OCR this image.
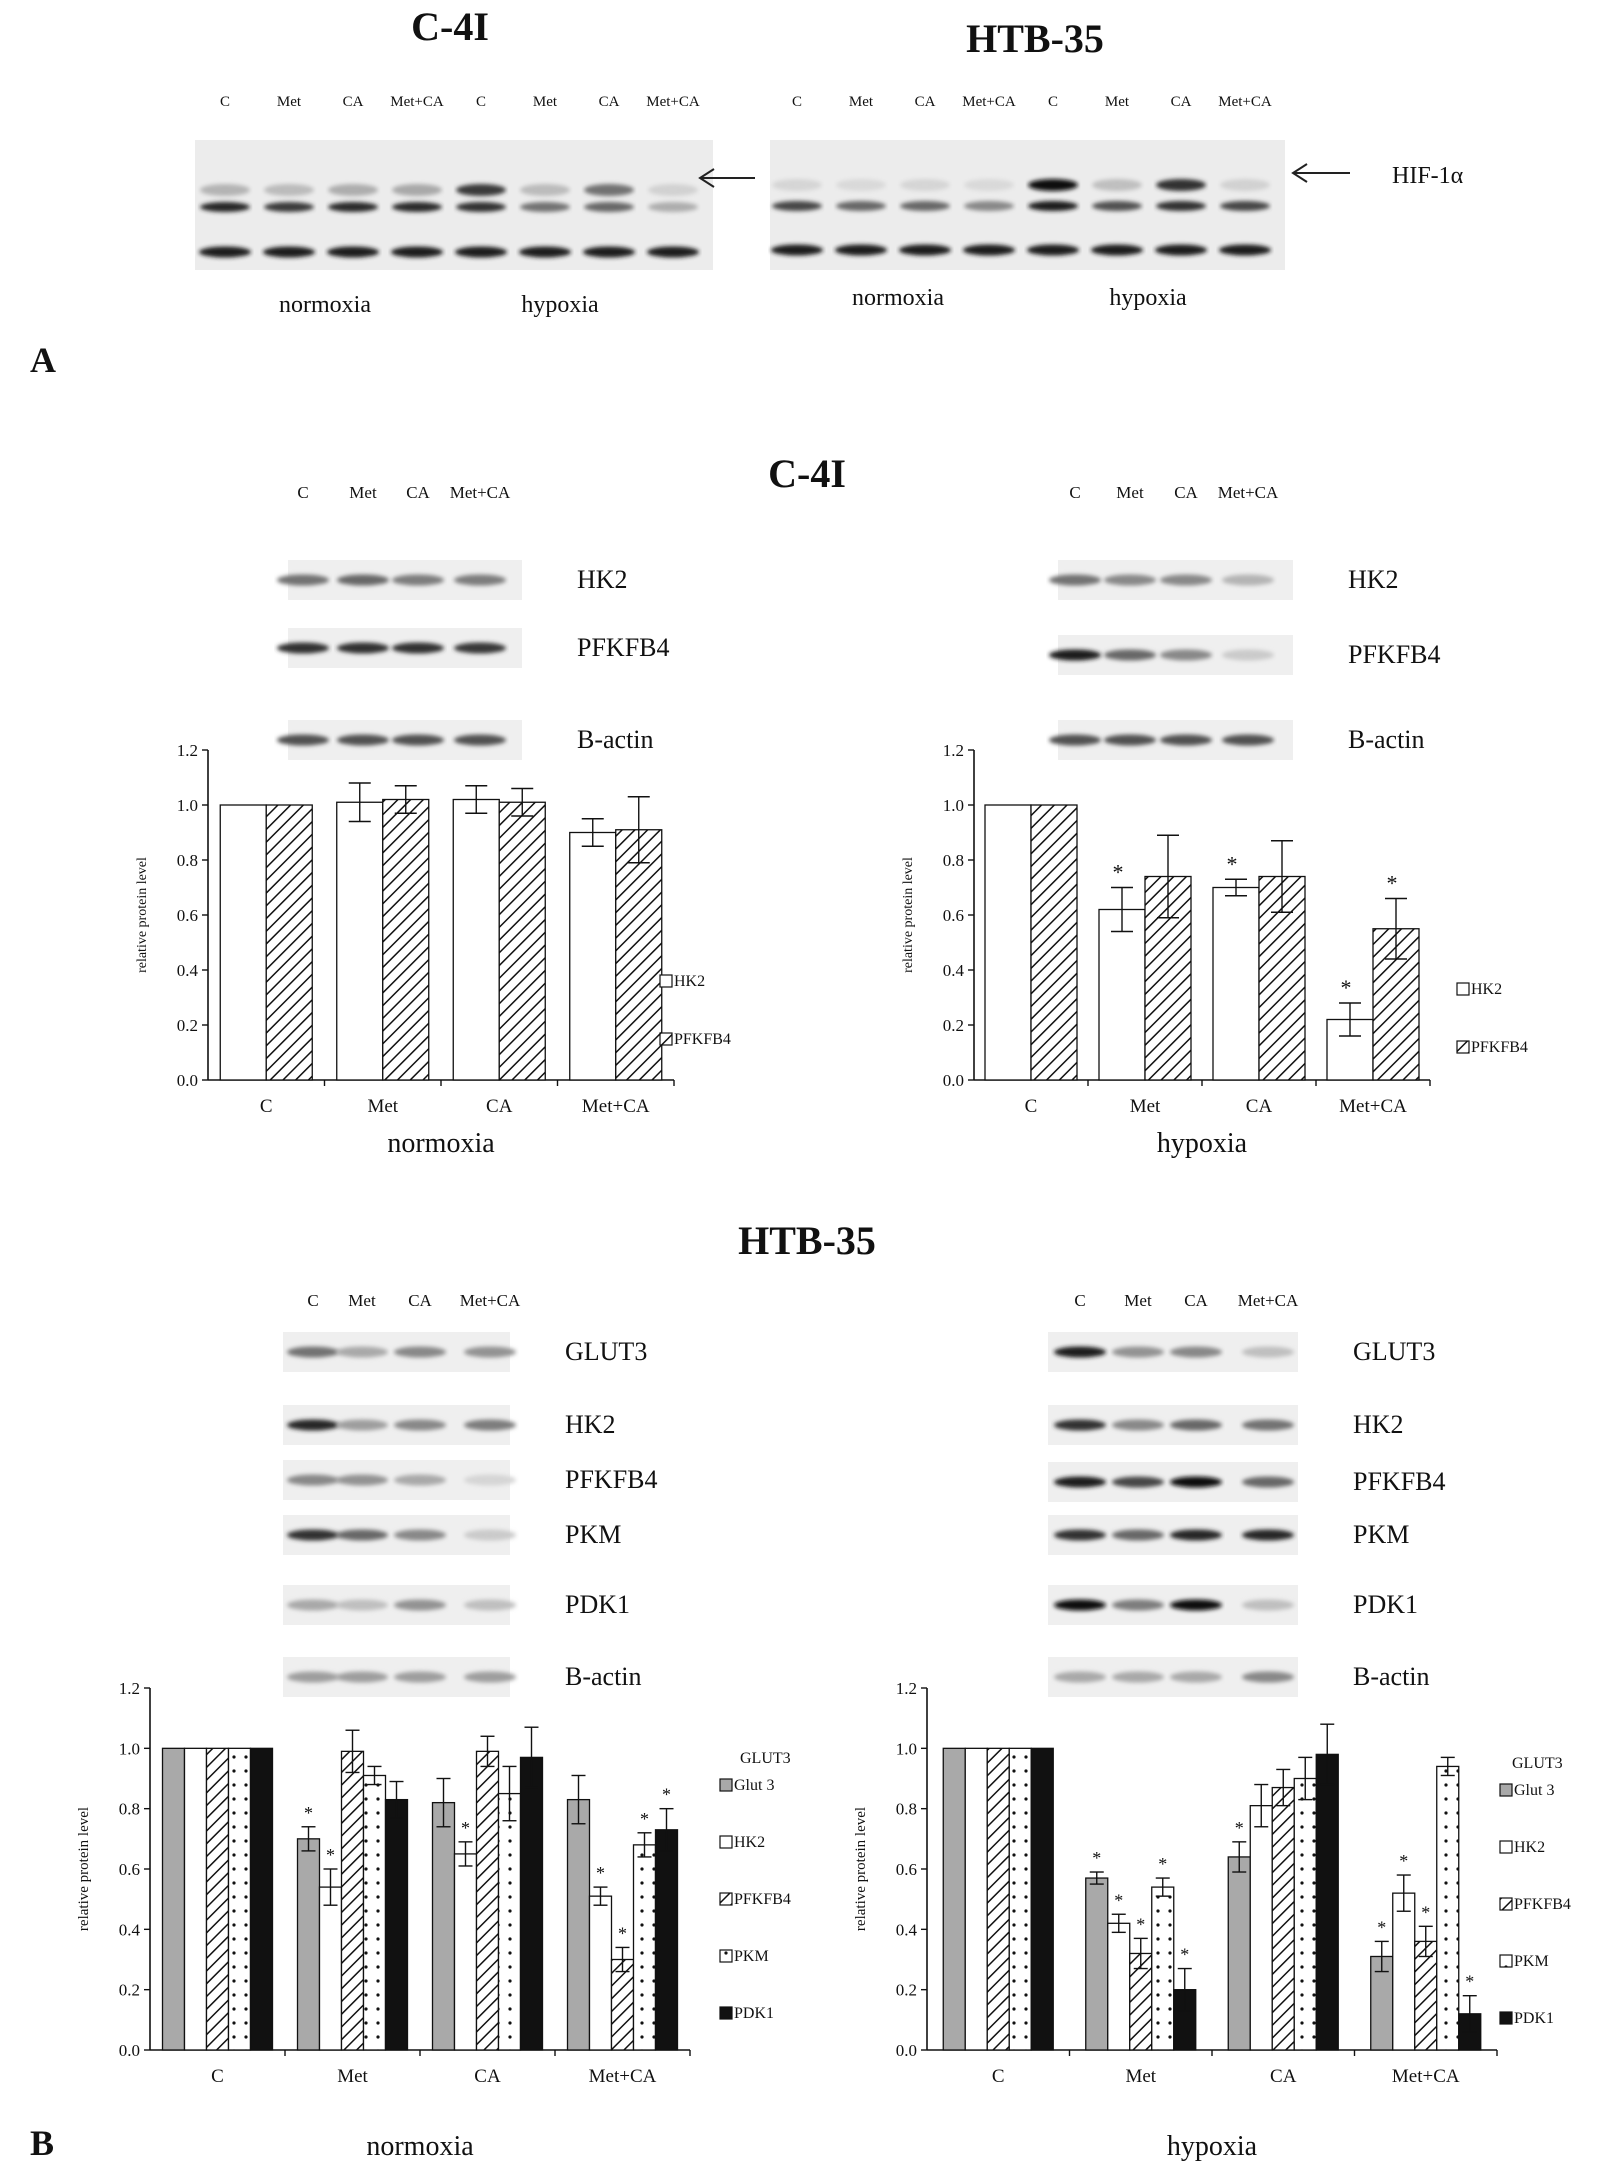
A
C-4I
C	Met	CA Met+CA C	Met	CA Met+CA
normoxia	hypoxia
HTB-35
C	Met	CA Met+CA C	Met	CA Met+CA
normoxia	hypoxia
HIF-1α
B
C-4I
HTB-35
C Met CA Met+CA
HK2
PFKFB4
B-actin
C Met CA Met+CA
HK2
PFKFB4
B-actin
C Met CA Met+CA
GLUT3
HK2
PFKFB4
PKM
PDK1
B-actin
C Met CA Met+CA
GLUT3
HK2
PFKFB4
PKM
PDK1
B-actin
0.0
0.2
0.4
0.6
0.8
1.0
1.2
relative protein level
normoxia
C	Met	CA	Met+CA
HK2
PFKFB4
0.0
0.2
0.4
0.6
0.8
1.0
1.2
relative protein level
hypoxia
C	Met
*
CA
*
Met+CA
*
*
HK2
PFKFB4
0.0
0.2
0.4
0.6
0.8
1.0
1.2
relative protein level
normoxia
C	Met
*
*
CA
*
Met+CA
*
*
*
*
GLUT3
Glut 3
HK2
PFKFB4
PKM
PDK1
0.0
0.2
0.4
0.6
0.8
1.0
1.2
relative protein level
hypoxia
C	Met
*
*
*
*
*
CA
*
Met+CA
*
*
*
*
GLUT3
Glut 3
HK2
PFKFB4
PKM
PDK1
